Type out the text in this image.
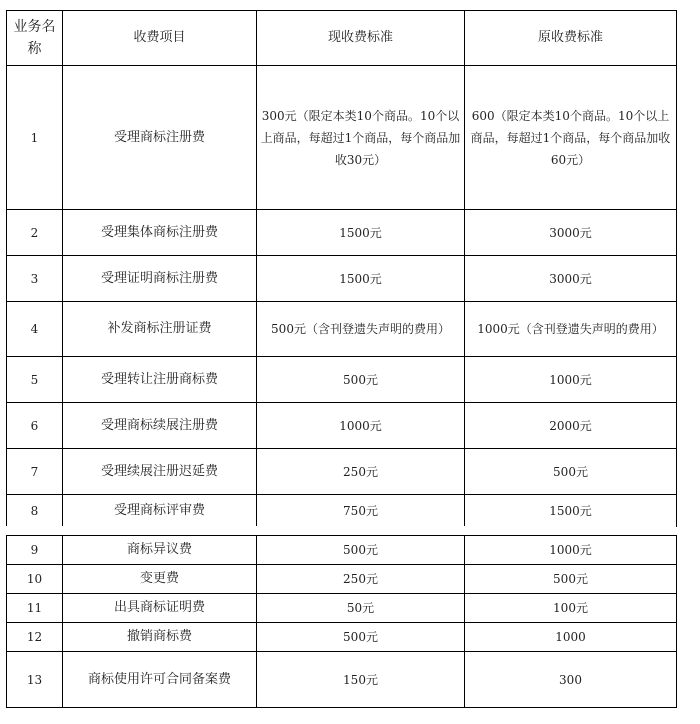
业务名称	收费项目	现收费标准	原收费标准
1	受理商标注册费	300元（限定本类10个商品。10个以上商品，每超过1个商品，每个商品加收30元）	600（限定本类10个商品。10个以上商品，每超过1个商品，每个商品加收60元）
2	受理集体商标注册费	1500元	3000元
3	受理证明商标注册费	1500元	3000元
4	补发商标注册证费	500元（含刊登遗失声明的费用）	1000元（含刊登遗失声明的费用）
5	受理转让注册商标费	500元	1000元
6	受理商标续展注册费	1000元	2000元
7	受理续展注册迟延费	250元	500元
8	受理商标评审费	750元	1500元
9	商标异议费	500元	1000元
10	变更费	250元	500元
11	出具商标证明费	50元	100元
12	撤销商标费	500元	1000
13	商标使用许可合同备案费	150元	300
